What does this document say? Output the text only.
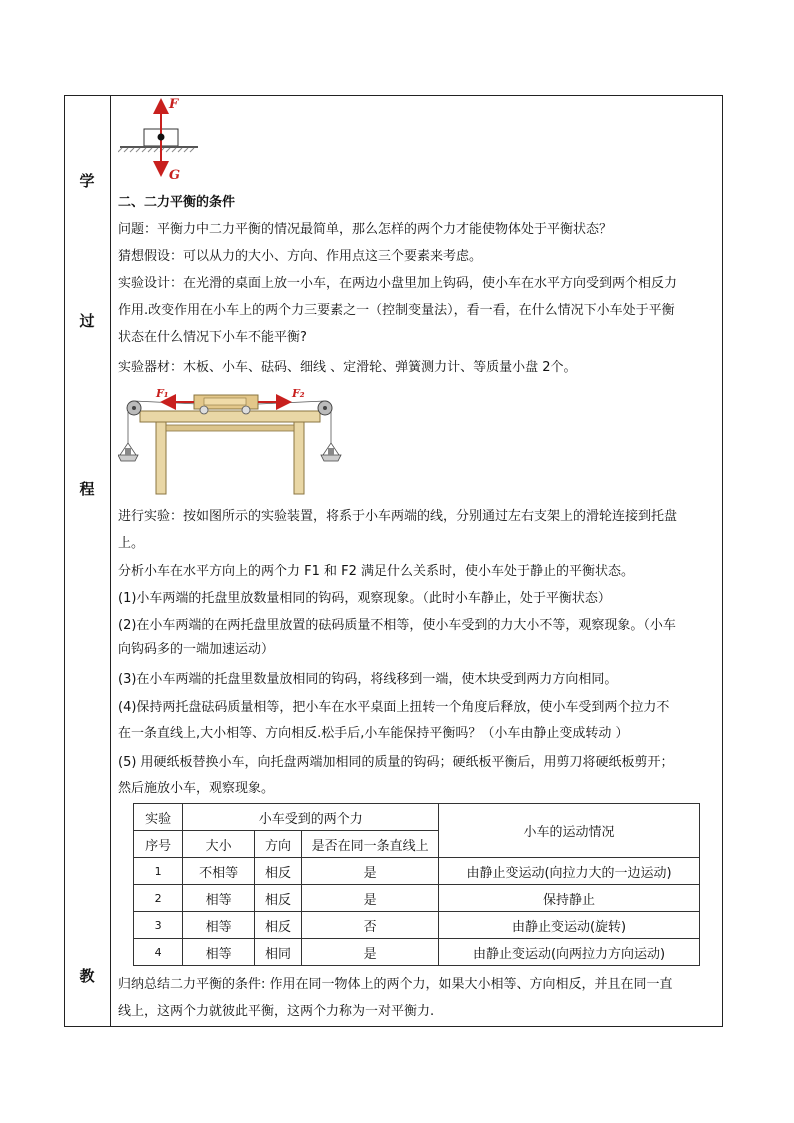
学
过
程
教
F
G
二、二力平衡的条件
问题：平衡力中二力平衡的情况最简单，那么怎样的两个力才能使物体处于平衡状态？
猜想假设：可以从力的大小、方向、作用点这三个要素来考虑。
实验设计：在光滑的桌面上放一小车，在两边小盘里加上钩码，使小车在水平方向受到两个相反力
作用.改变作用在小车上的两个力三要素之一（控制变量法），看一看，在什么情况下小车处于平衡
状态在什么情况下小车不能平衡?
实验器材：木板、小车、砝码、细线 、定滑轮、弹簧测力计、等质量小盘 2个。
F₁	F₂
进行实验：按如图所示的实验装置，将系于小车两端的线，分别通过左右支架上的滑轮连接到托盘
上。
分析小车在水平方向上的两个力 F1 和 F2 满足什么关系时，使小车处于静止的平衡状态。
(1)小车两端的托盘里放数量相同的钩码，观察现象。（此时小车静止，处于平衡状态）
(2)在小车两端的在两托盘里放置的砝码质量不相等，使小车受到的力大小不等，观察现象。（小车
向钩码多的一端加速运动）
(3)在小车两端的托盘里数量放相同的钩码，将线移到一端，使木块受到两力方向相同。
(4)保持两托盘砝码质量相等，把小车在水平桌面上扭转一个角度后释放，使小车受到两个拉力不
在一条直线上,大小相等、方向相反.松手后,小车能保持平衡吗？（小车由静止变成转动 ）
(5) 用硬纸板替换小车，向托盘两端加相同的质量的钩码；硬纸板平衡后，用剪刀将硬纸板剪开；
然后施放小车，观察现象。
实验	小车受到的两个力			小车的运动情况
序号	大小	方向	是否在同一条直线上	
1	不相等	相反	是	由静止变运动(向拉力大的一边运动)
2	相等	相反	是	保持静止
3	相等	相反	否	由静止变运动(旋转)
4	相等	相同	是	由静止变运动(向两拉力方向运动)
归纳总结二力平衡的条件: 作用在同一物体上的两个力，如果大小相等、方向相反，并且在同一直
线上，这两个力就彼此平衡，这两个力称为一对平衡力.
